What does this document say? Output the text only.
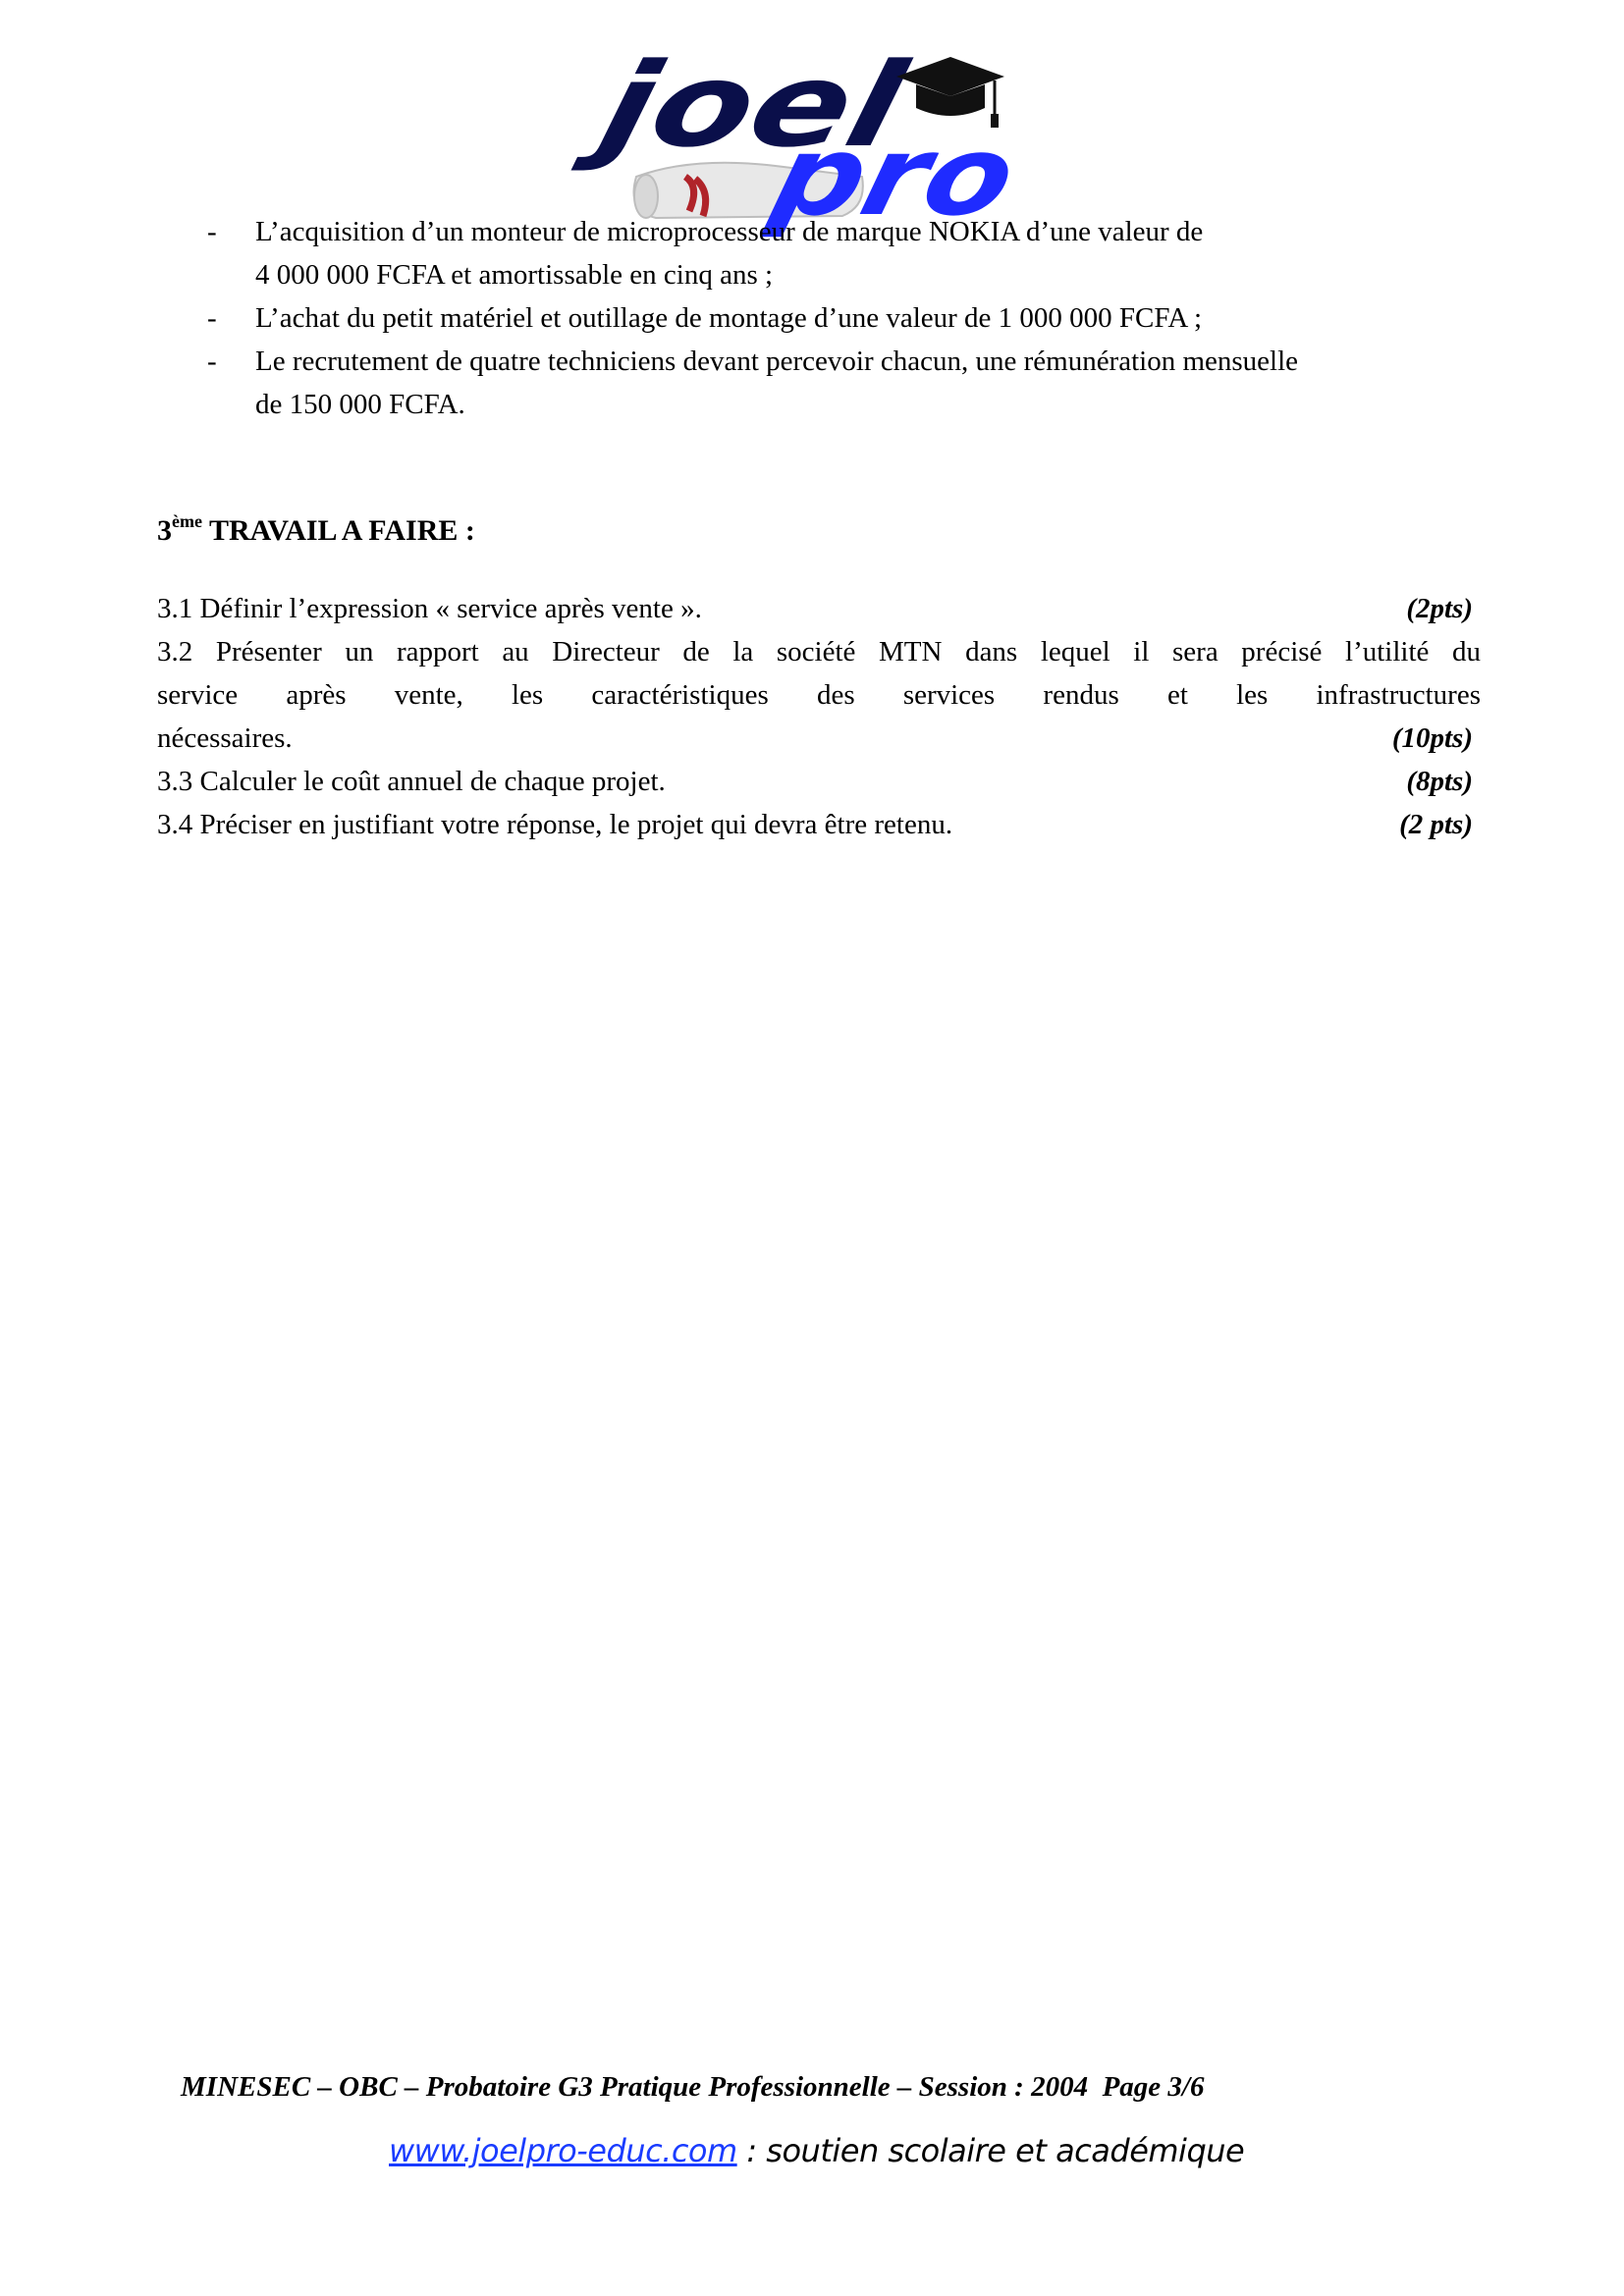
joel
pro
-	L’acquisition d’un monteur de microprocesseur de marque NOKIA d’une valeur de
4 000 000 FCFA et amortissable en cinq ans ;
-	L’achat du petit matériel et outillage de montage d’une valeur de 1 000 000 FCFA ;
-	Le recrutement de quatre techniciens devant percevoir chacun, une rémunération mensuelle
de 150 000 FCFA.
3ème TRAVAIL A FAIRE :
3.1 Définir l’expression « service après vente ».	(2pts)
3.2 Présenter un rapport au Directeur de la société MTN dans lequel il sera précisé l’utilité du
service après vente, les caractéristiques des services rendus et les infrastructures
nécessaires.	(10pts)
3.3 Calculer le coût annuel de chaque projet.	(8pts)
3.4 Préciser en justifiant votre réponse, le projet qui devra être retenu.	(2 pts)
MINESEC – OBC – Probatoire G3 Pratique Professionnelle – Session : 2004  Page 3/6
www.joelpro-educ.com : soutien scolaire et académique
